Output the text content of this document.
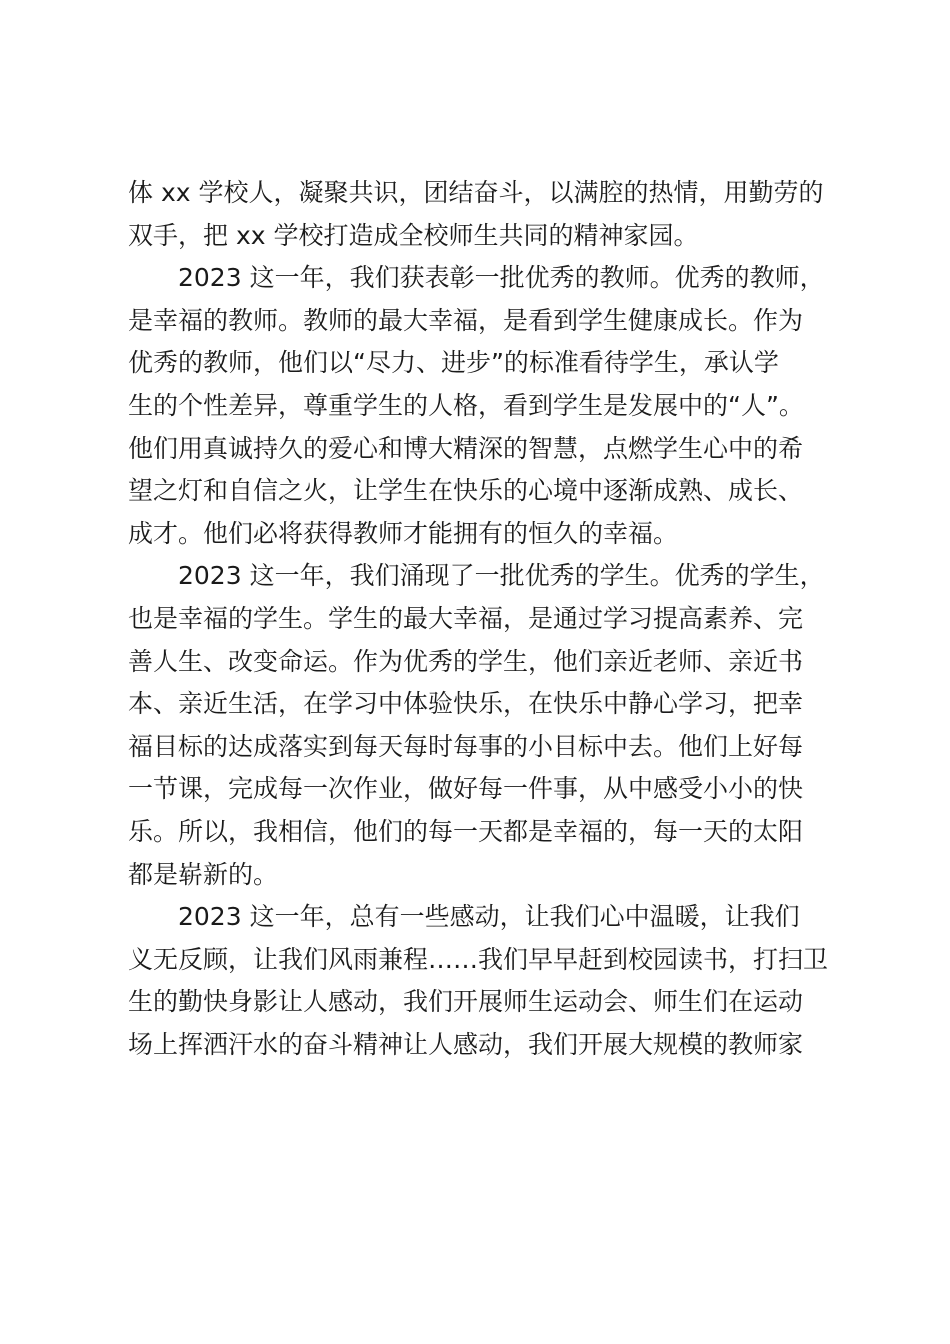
体 xx 学校人，凝聚共识，团结奋斗，以满腔的热情，用勤劳的
双手，把 xx 学校打造成全校师生共同的精神家园。
2023 这一年，我们获表彰一批优秀的教师。优秀的教师，
是幸福的教师。教师的最大幸福，是看到学生健康成长。作为
优秀的教师，他们以“尽力、进步”的标准看待学生，承认学
生的个性差异，尊重学生的人格，看到学生是发展中的“人”。
他们用真诚持久的爱心和博大精深的智慧，点燃学生心中的希
望之灯和自信之火，让学生在快乐的心境中逐渐成熟、成长、
成才。他们必将获得教师才能拥有的恒久的幸福。
2023 这一年，我们涌现了一批优秀的学生。优秀的学生，
也是幸福的学生。学生的最大幸福，是通过学习提高素养、完
善人生、改变命运。作为优秀的学生，他们亲近老师、亲近书
本、亲近生活，在学习中体验快乐，在快乐中静心学习，把幸
福目标的达成落实到每天每时每事的小目标中去。他们上好每
一节课，完成每一次作业，做好每一件事，从中感受小小的快
乐。所以，我相信，他们的每一天都是幸福的，每一天的太阳
都是崭新的。
2023 这一年，总有一些感动，让我们心中温暖，让我们
义无反顾，让我们风雨兼程……我们早早赶到校园读书，打扫卫
生的勤快身影让人感动，我们开展师生运动会、师生们在运动
场上挥洒汗水的奋斗精神让人感动，我们开展大规模的教师家
